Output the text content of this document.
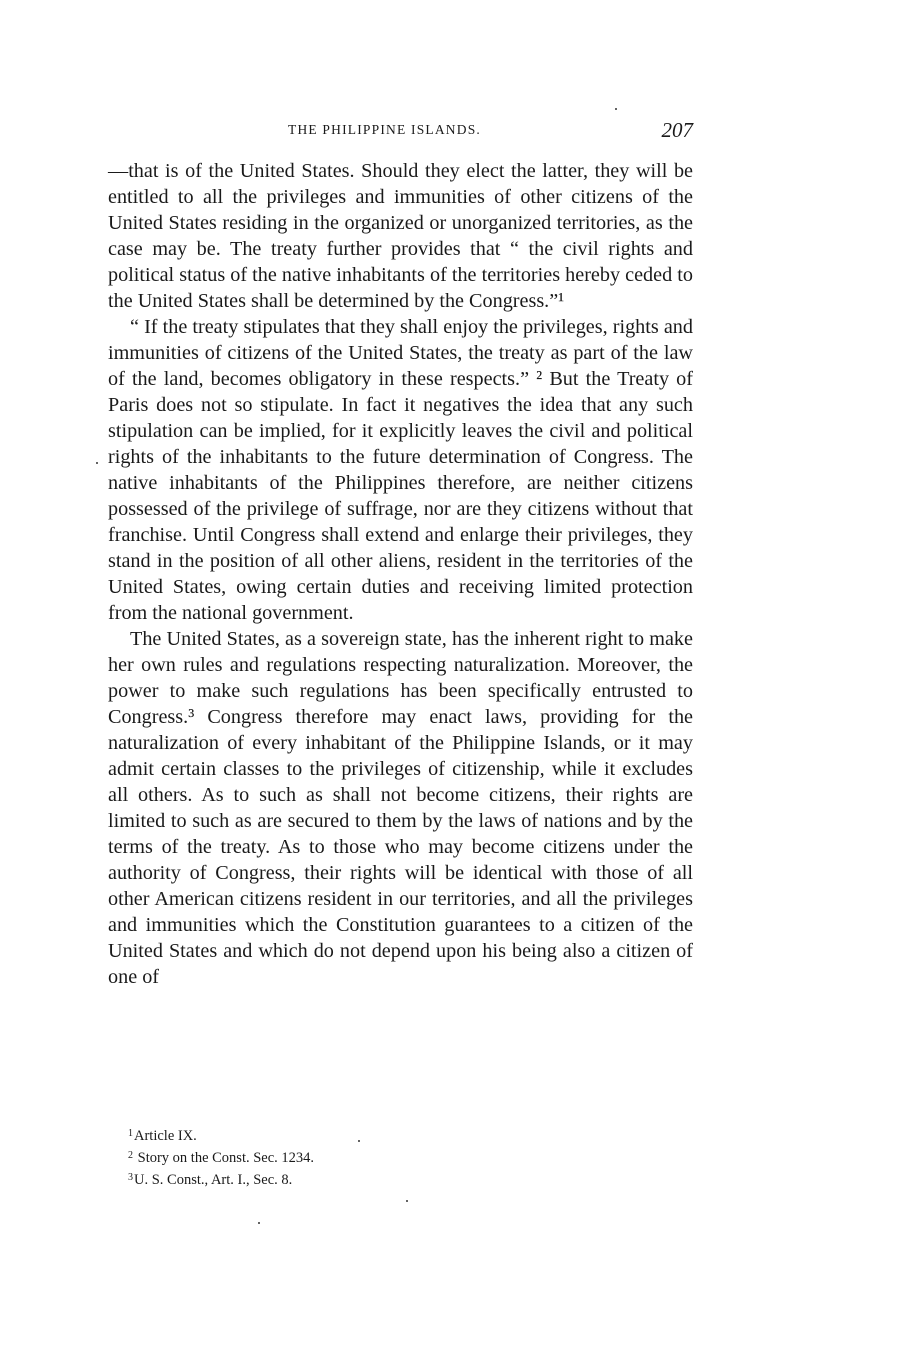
THE PHILIPPINE ISLANDS.	207

—that is of the United States. Should they elect the latter, they will be entitled to all the privileges and immunities of other citizens of the United States residing in the organized or unorganized territories, as the case may be. The treaty further provides that “ the civil rights and political status of the native inhabitants of the territories hereby ceded to the United States shall be determined by the Congress.”¹

“ If the treaty stipulates that they shall enjoy the privileges, rights and immunities of citizens of the United States, the treaty as part of the law of the land, becomes obligatory in these respects.” ² But the Treaty of Paris does not so stipulate. In fact it negatives the idea that any such stipulation can be implied, for it explicitly leaves the civil and political rights of the inhabitants to the future determination of Congress. The native inhabitants of the Philippines therefore, are neither citizens possessed of the privilege of suffrage, nor are they citizens without that franchise. Until Congress shall extend and enlarge their privileges, they stand in the position of all other aliens, resident in the territories of the United States, owing certain duties and receiving limited protection from the national government.

The United States, as a sovereign state, has the inherent right to make her own rules and regulations respecting naturalization. Moreover, the power to make such regulations has been specifically entrusted to Congress.³ Congress therefore may enact laws, providing for the naturalization of every inhabitant of the Philippine Islands, or it may admit certain classes to the privileges of citizenship, while it excludes all others. As to such as shall not become citizens, their rights are limited to such as are secured to them by the laws of nations and by the terms of the treaty. As to those who may become citizens under the authority of Congress, their rights will be identical with those of all other American citizens resident in our territories, and all the privileges and immunities which the Constitution guarantees to a citizen of the United States and which do not depend upon his being also a citizen of one of

$^1$Article IX.
$^2$ Story on the Const. Sec. 1234.
$^3$U. S. Const., Art. I., Sec. 8.
